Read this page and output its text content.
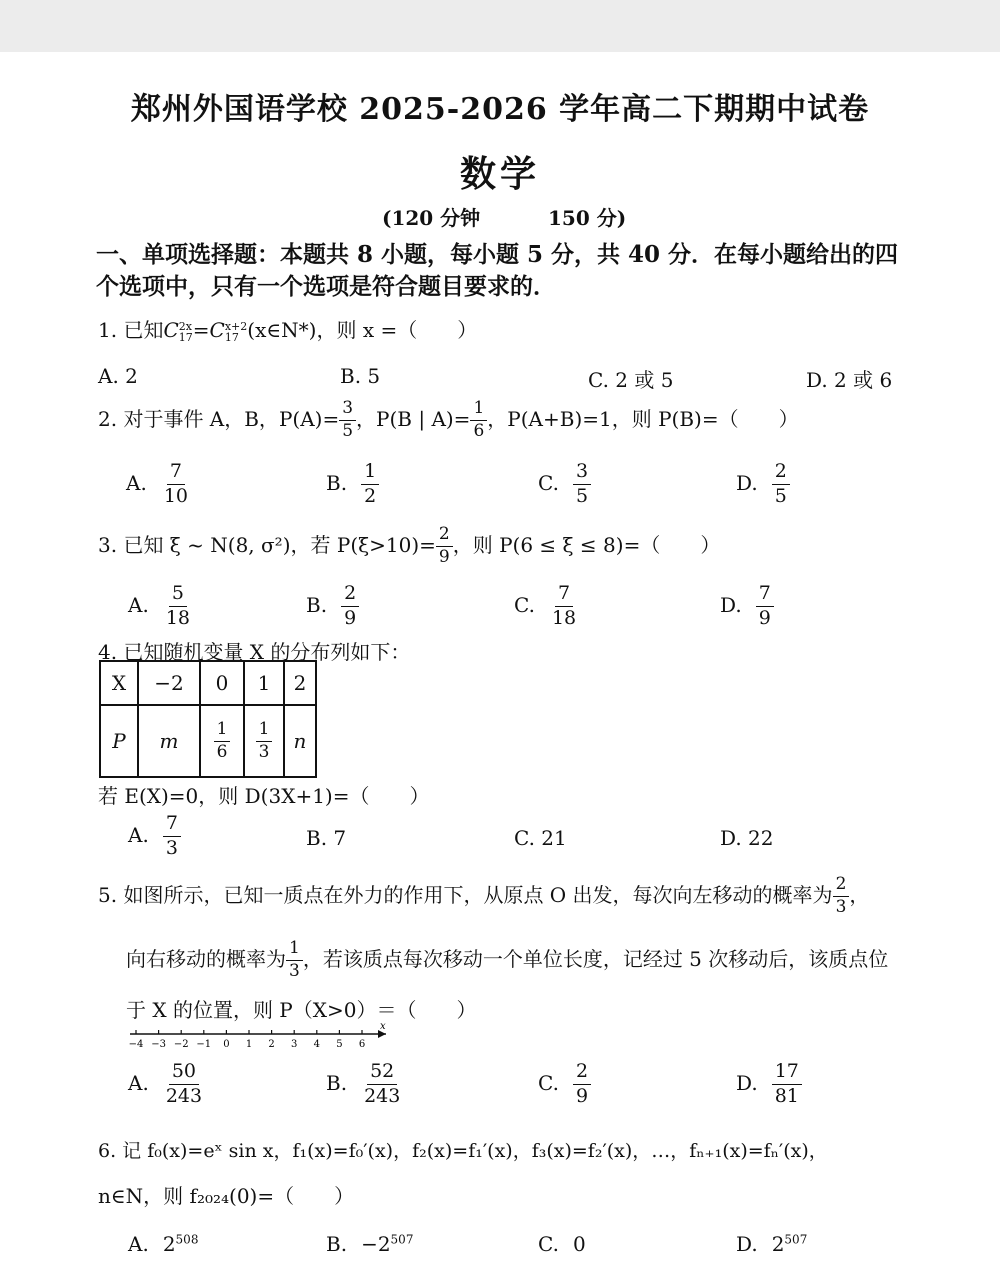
郑州外国语学校 2025-2026 学年高二下期期中试卷
数学
(120 分钟	150 分)
一、单项选择题：本题共 8 小题，每小题 5 分，共 40 分．在每小题给出的四
个选项中，只有一个选项是符合题目要求的．
1. 已知C 2x
17 =C x+2
17 (x∈N*)，则 x =（　　）
A. 2	B. 5	C. 2 或 5	D. 2 或 6
2. 对于事件 A，B，$P(A)= \frac{3}{5}$ ，P(B | $A)= \frac{1}{6}$ ，P(A+B)=1，则 P(B)=（　　）
A. $\frac{7}{10}$	B. $\frac{1}{2}$	C. $\frac{3}{5}$	D. $\frac{2}{5}$
3. 已知 ξ ~ N(8, σ²)，若 $P(\xi>10)= \frac{2}{9}$ ，则 P(6 ≤ ξ ≤ 8)=（　　）
A. $\frac{5}{18}$	B. $\frac{2}{9}$	C. $\frac{7}{18}$	D. $\frac{7}{9}$
4. 已知随机变量 X 的分布列如下：
X	−2	0	1	2
P	m	$\frac{1}{6}$	$\frac{1}{3}$	n
若 E(X)=0，则 D(3X+1)=（　　）
A. $\frac{7}{3}$	B. 7	C. 21	D. 22
5. 如图所示，已知一质点在外力的作用下，从原点 O 出发，每次向左移动的概率为 $\frac{2}{3}$ ，
向右移动的概率为 $\frac{1}{3}$ ，若该质点每次移动一个单位长度，记经过 5 次移动后，该质点位
于 X 的位置，则 P（X>0）＝（　　）
−4 −3 −2 −1 0 1 2 3 4 5 6
x
A. $\frac{50}{243}$	B. $\frac{52}{243}$	C. $\frac{2}{9}$	D. $\frac{17}{81}$
6. 记 f₀(x)=eˣ sin x，f₁(x)=f₀′(x)，f₂(x)=f₁′(x)，f₃(x)=f₂′(x)，…，fₙ₊₁(x)=fₙ′(x)，
n∈N，则 f₂₀₂₄(0)=（　　）
A. $2^{508}$	B. $-2^{507}$	C. 0	D. $2^{507}$
